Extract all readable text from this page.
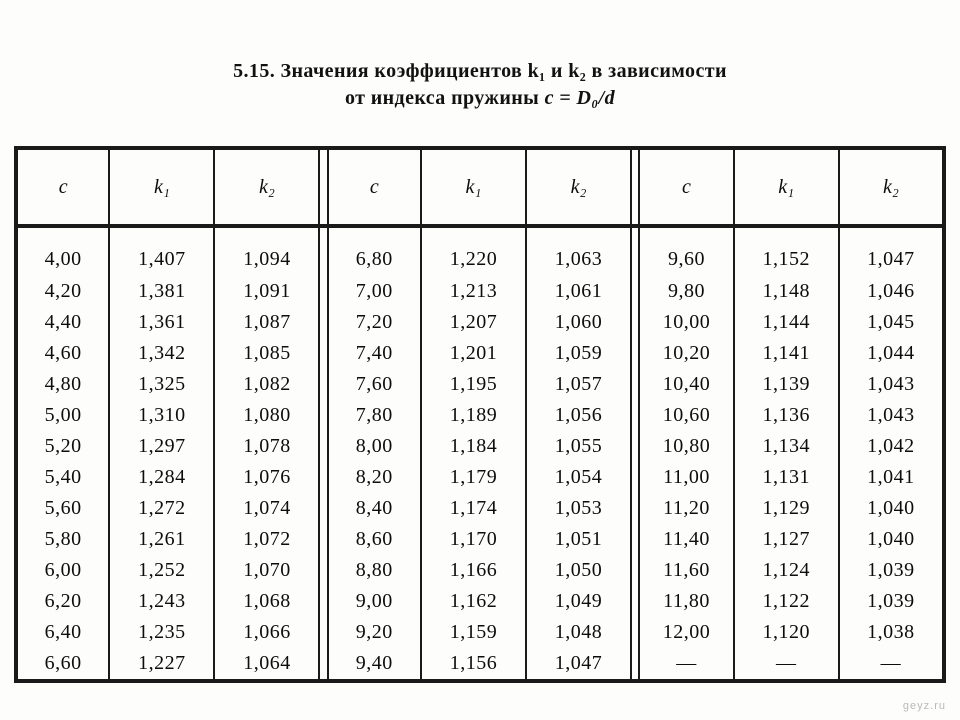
5.15. Значения коэффициентов k₁ и k₂ в зависимости
от индекса пружины c = D₀/d
c	k₁	k₂		c	k₁	k₂		c	k₁	k₂
4,00	1,407	1,094		6,80	1,220	1,063		9,60	1,152	1,047
4,20	1,381	1,091		7,00	1,213	1,061		9,80	1,148	1,046
4,40	1,361	1,087		7,20	1,207	1,060		10,00	1,144	1,045
4,60	1,342	1,085		7,40	1,201	1,059		10,20	1,141	1,044
4,80	1,325	1,082		7,60	1,195	1,057		10,40	1,139	1,043
5,00	1,310	1,080		7,80	1,189	1,056		10,60	1,136	1,043
5,20	1,297	1,078		8,00	1,184	1,055		10,80	1,134	1,042
5,40	1,284	1,076		8,20	1,179	1,054		11,00	1,131	1,041
5,60	1,272	1,074		8,40	1,174	1,053		11,20	1,129	1,040
5,80	1,261	1,072		8,60	1,170	1,051		11,40	1,127	1,040
6,00	1,252	1,070		8,80	1,166	1,050		11,60	1,124	1,039
6,20	1,243	1,068		9,00	1,162	1,049		11,80	1,122	1,039
6,40	1,235	1,066		9,20	1,159	1,048		12,00	1,120	1,038
6,60	1,227	1,064		9,40	1,156	1,047		—	—	—
geyz.ru
